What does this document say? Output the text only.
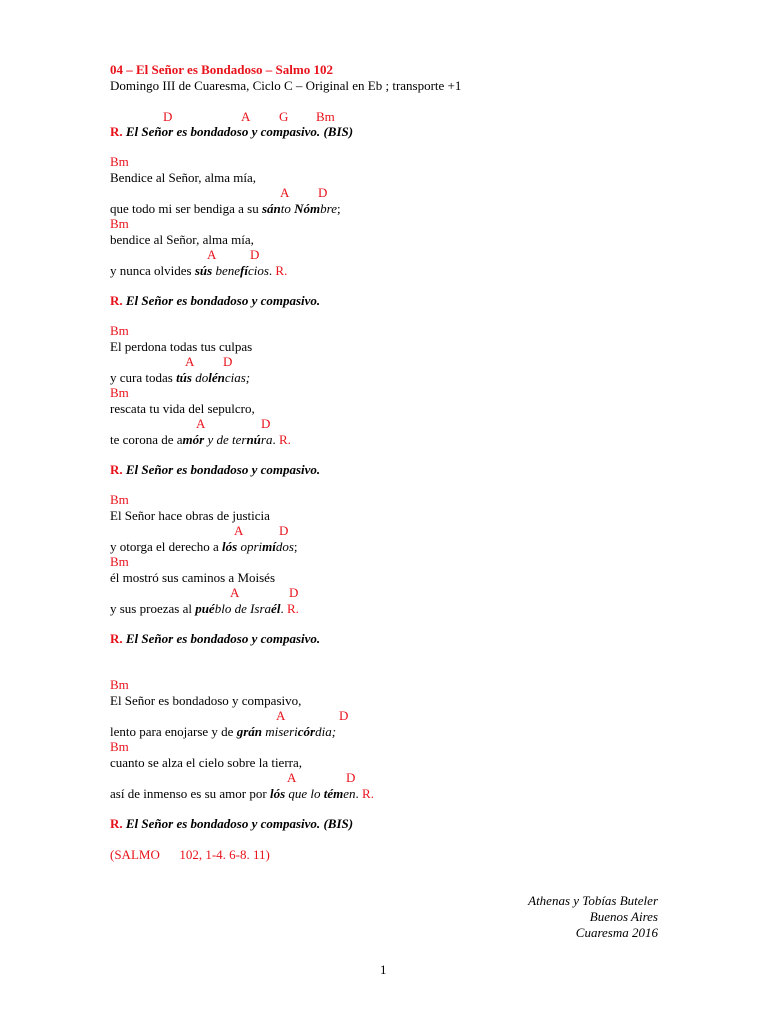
04 – El Señor es Bondadoso – Salmo 102
Domingo III de Cuaresma, Ciclo C – Original en Eb ; transporte +1
D	A G Bm
R. El Señor es bondadoso y compasivo. (BIS)
Bm
Bendice al Señor, alma mía,
A D
que todo mi ser bendiga a su sánto Nómbre;
Bm
bendice al Señor, alma mía,
A	D
y nunca olvides sús benefícios. R.
R. El Señor es bondadoso y compasivo.
Bm
El perdona todas tus culpas
A D
y cura todas tús doléncias;
Bm
rescata tu vida del sepulcro,
A	D
te corona de amór y de ternúra. R.
R. El Señor es bondadoso y compasivo.
Bm
El Señor hace obras de justicia
A	D
y otorga el derecho a lós oprimídos;
Bm
él mostró sus caminos a Moisés
A	D
y sus proezas al puéblo de Israél. R.
R. El Señor es bondadoso y compasivo.
Bm
El Señor es bondadoso y compasivo,
A	D
lento para enojarse y de grán misericórdia;
Bm
cuanto se alza el cielo sobre la tierra,
A	D
así de inmenso es su amor por lós que lo témen. R.
R. El Señor es bondadoso y compasivo. (BIS)
(SALMO      102, 1-4. 6-8. 11)
Athenas y Tobías Buteler
Buenos Aires
Cuaresma 2016
1
